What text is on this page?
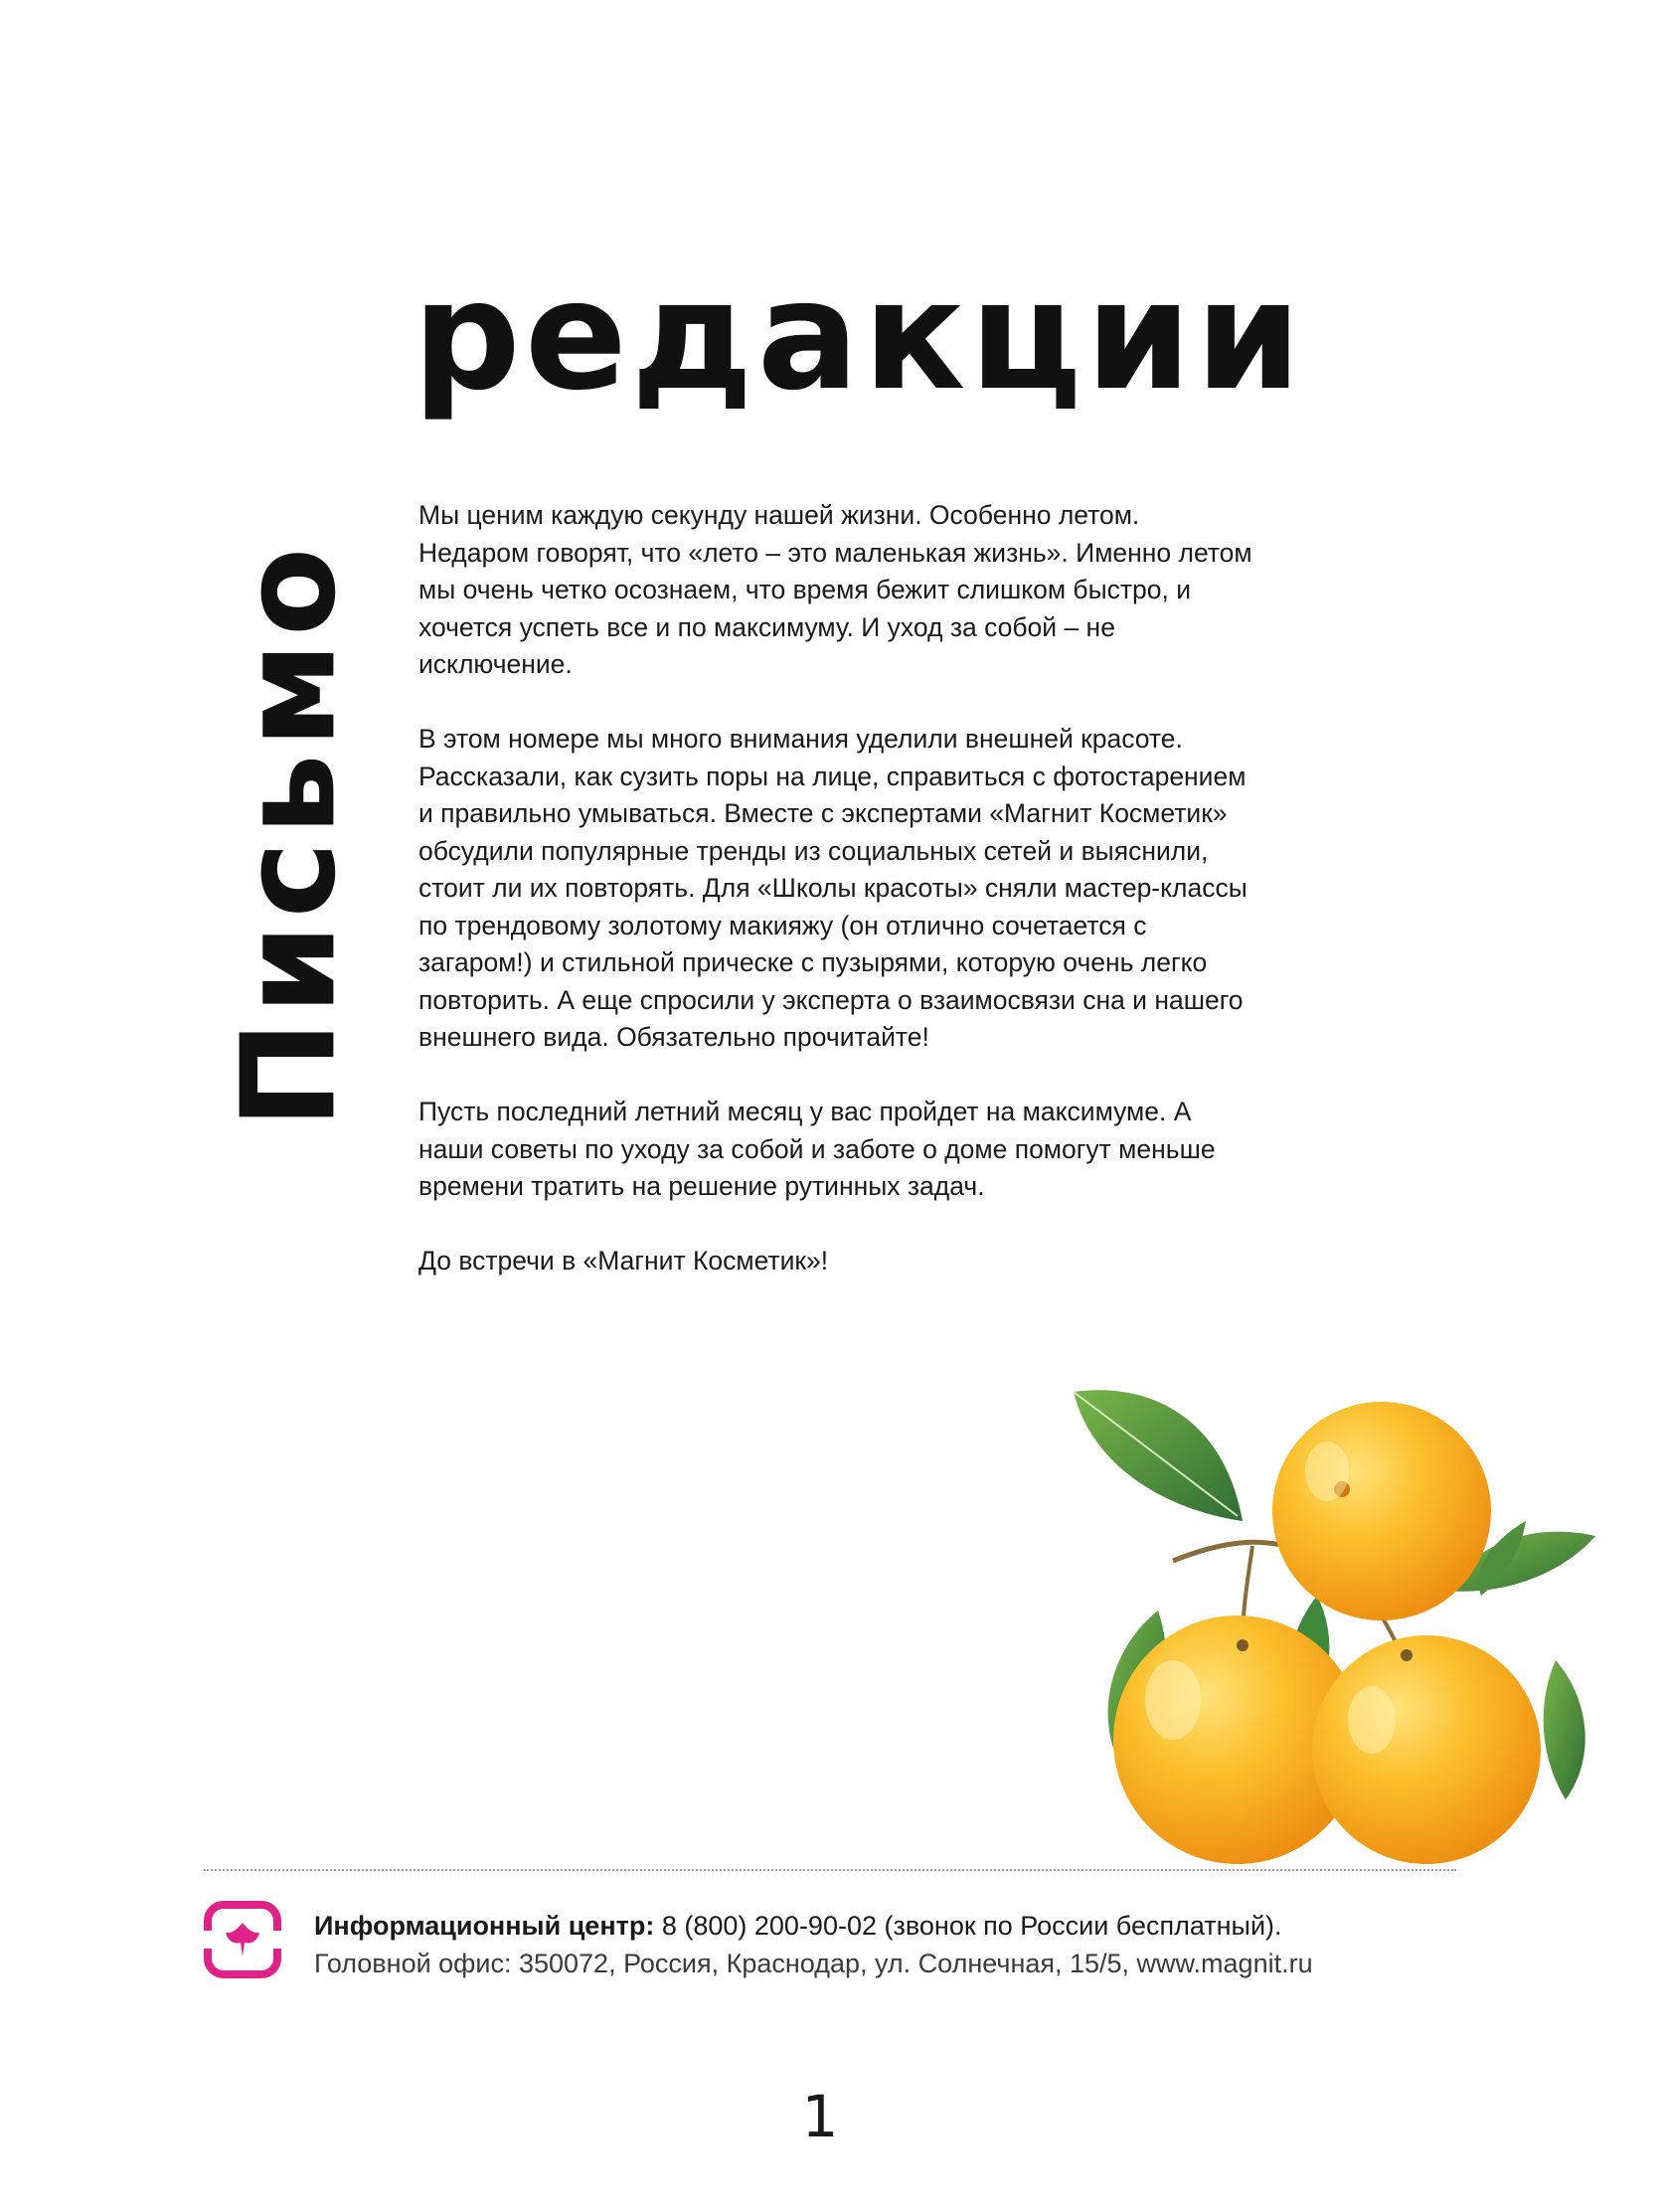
редакции
Письмо

Мы ценим каждую секунду нашей жизни. Особенно летом. Недаром говорят, что «лето – это маленькая жизнь». Именно летом мы очень четко осознаем, что время бежит слишком быстро, и хочется успеть все и по максимуму. И уход за собой – не исключение.

В этом номере мы много внимания уделили внешней красоте. Рассказали, как сузить поры на лице, справиться с фотостарением и правильно умываться. Вместе с экспертами «Магнит Косметик» обсудили популярные тренды из социальных сетей и выяснили, стоит ли их повторять. Для «Школы красоты» сняли мастер-классы по трендовому золотому макияжу (он отлично сочетается с загаром!) и стильной прическе с пузырями, которую очень легко повторить. А еще спросили у эксперта о взаимосвязи сна и нашего внешнего вида. Обязательно прочитайте!

Пусть последний летний месяц у вас пройдет на максимуме. А наши советы по уходу за собой и заботе о доме помогут меньше времени тратить на решение рутинных задач.

До встречи в «Магнит Косметик»!

Информационный центр: 8 (800) 200-90-02 (звонок по России бесплатный).
Головной офис: 350072, Россия, Краснодар, ул. Солнечная, 15/5, www.magnit.ru
1
